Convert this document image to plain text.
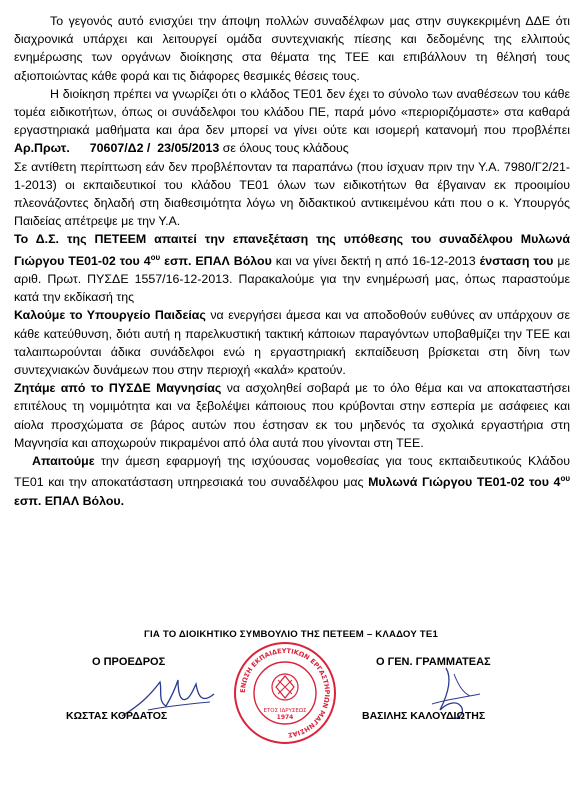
Το γεγονός αυτό ενισχύει την άποψη πολλών συναδέλφων μας στην συγκεκριμένη ΔΔΕ ότι διαχρονικά υπάρχει και λειτουργεί ομάδα συντεχνιακής πίεσης και δεδομένης της ελλιπούς ενημέρωσης των οργάνων διοίκησης στα θέματα της ΤΕΕ και επιβάλλουν τη θέλησή τους αξιοποιώντας κάθε φορά και τις διάφορες θεσμικές θέσεις τους.

Η διοίκηση πρέπει να γνωρίζει ότι ο κλάδος ΤΕ01 δεν έχει το σύνολο των αναθέσεων του κάθε τομέα ειδικοτήτων, όπως οι συνάδελφοι του κλάδου ΠΕ, παρά μόνο «περιοριζόμαστε» στα καθαρά εργαστηριακά μαθήματα και άρα δεν μπορεί να γίνει ούτε και ισομερή κατανομή που προβλέπει Αρ.Πρωτ. 70607/Δ2 / 23/05/2013 σε όλους τους κλάδους

Σε αντίθετη περίπτωση εάν δεν προβλέπονταν τα παραπάνω (που ίσχυαν πριν την Υ.Α. 7980/Γ2/21-1-2013) οι εκπαιδευτικοί του κλάδου ΤΕ01 όλων των ειδικοτήτων θα έβγαιναν εκ προοιμίου πλεονάζοντες δηλαδή στη διαθεσιμότητα λόγω νη διδακτικού αντικειμένου κάτι που ο κ. Υπουργός Παιδείας απέτρεψε με την Υ.Α.

Το Δ.Σ. της ΠΕΤΕΕΜ απαιτεί την επανεξέταση της υπόθεσης του συναδέλφου Μυλωνά Γιώργου ΤΕ01-02 του $4^{o\upsilon}$ εσπ. ΕΠΑΛ Βόλου και να γίνει δεκτή η από 16-12-2013 ένσταση του με αριθ. Πρωτ. ΠΥΣΔΕ 1557/16-12-2013. Παρακαλούμε για την ενημέρωσή μας, όπως παραστούμε κατά την εκδίκασή της

Καλούμε το Υπουργείο Παιδείας να ενεργήσει άμεσα και να αποδοθούν ευθύνες αν υπάρχουν σε κάθε κατεύθυνση, διότι αυτή η παρελκυστική τακτική κάποιων παραγόντων υποβαθμίζει την ΤΕΕ και ταλαιπωρούνται άδικα συνάδελφοι ενώ η εργαστηριακή εκπαίδευση βρίσκεται στη δίνη των συντεχνιακών δυνάμεων που στην περιοχή «καλά» κρατούν.

Ζητάμε από το ΠΥΣΔΕ Μαγνησίας να ασχοληθεί σοβαρά με το όλο θέμα και να αποκαταστήσει επιτέλους τη νομιμότητα και να ξεβολέψει κάποιους που κρύβονται στην εσπερία με ασάφειες και αίολα προσχώματα σε βάρος αυτών που έστησαν εκ του μηδενός τα σχολικά εργαστήρια στη Μαγνησία και αποχωρούν πικραμένοι από όλα αυτά που γίνονται στη ΤΕΕ.

Απαιτούμε την άμεση εφαρμογή της ισχύουσας νομοθεσίας για τους εκπαιδευτικούς Κλάδου ΤΕ01 και την αποκατάσταση υπηρεσιακά του συναδέλφου μας Μυλωνά Γιώργου ΤΕ01-02 του $4^{o\upsilon}$ εσπ. ΕΠΑΛ Βόλου.

ΓΙΑ ΤΟ ΔΙΟΙΚΗΤΙΚΟ ΣΥΜΒΟΥΛΙΟ ΤΗΣ ΠΕΤΕΕΜ – ΚΛΑΔΟΥ ΤΕ1
Ο ΠΡΟΕΔΡΟΣ	Ο ΓΕΝ. ΓΡΑΜΜΑΤΕΑΣ
ΕΝΩΣΗ ΕΚΠΑΙΔΕΥΤΙΚΩΝ ΕΡΓΑΣΤΗΡΙΩΝ ΜΑΓΝΗΣΙΑΣ
ΕΤΟΣ ΙΔΡΥΣΕΩΣ
1974
ΚΩΣΤΑΣ ΚΟΡΔΑΤΟΣ	ΒΑΣΙΛΗΣ ΚΑΛΟΥΔΙΩΤΗΣ
